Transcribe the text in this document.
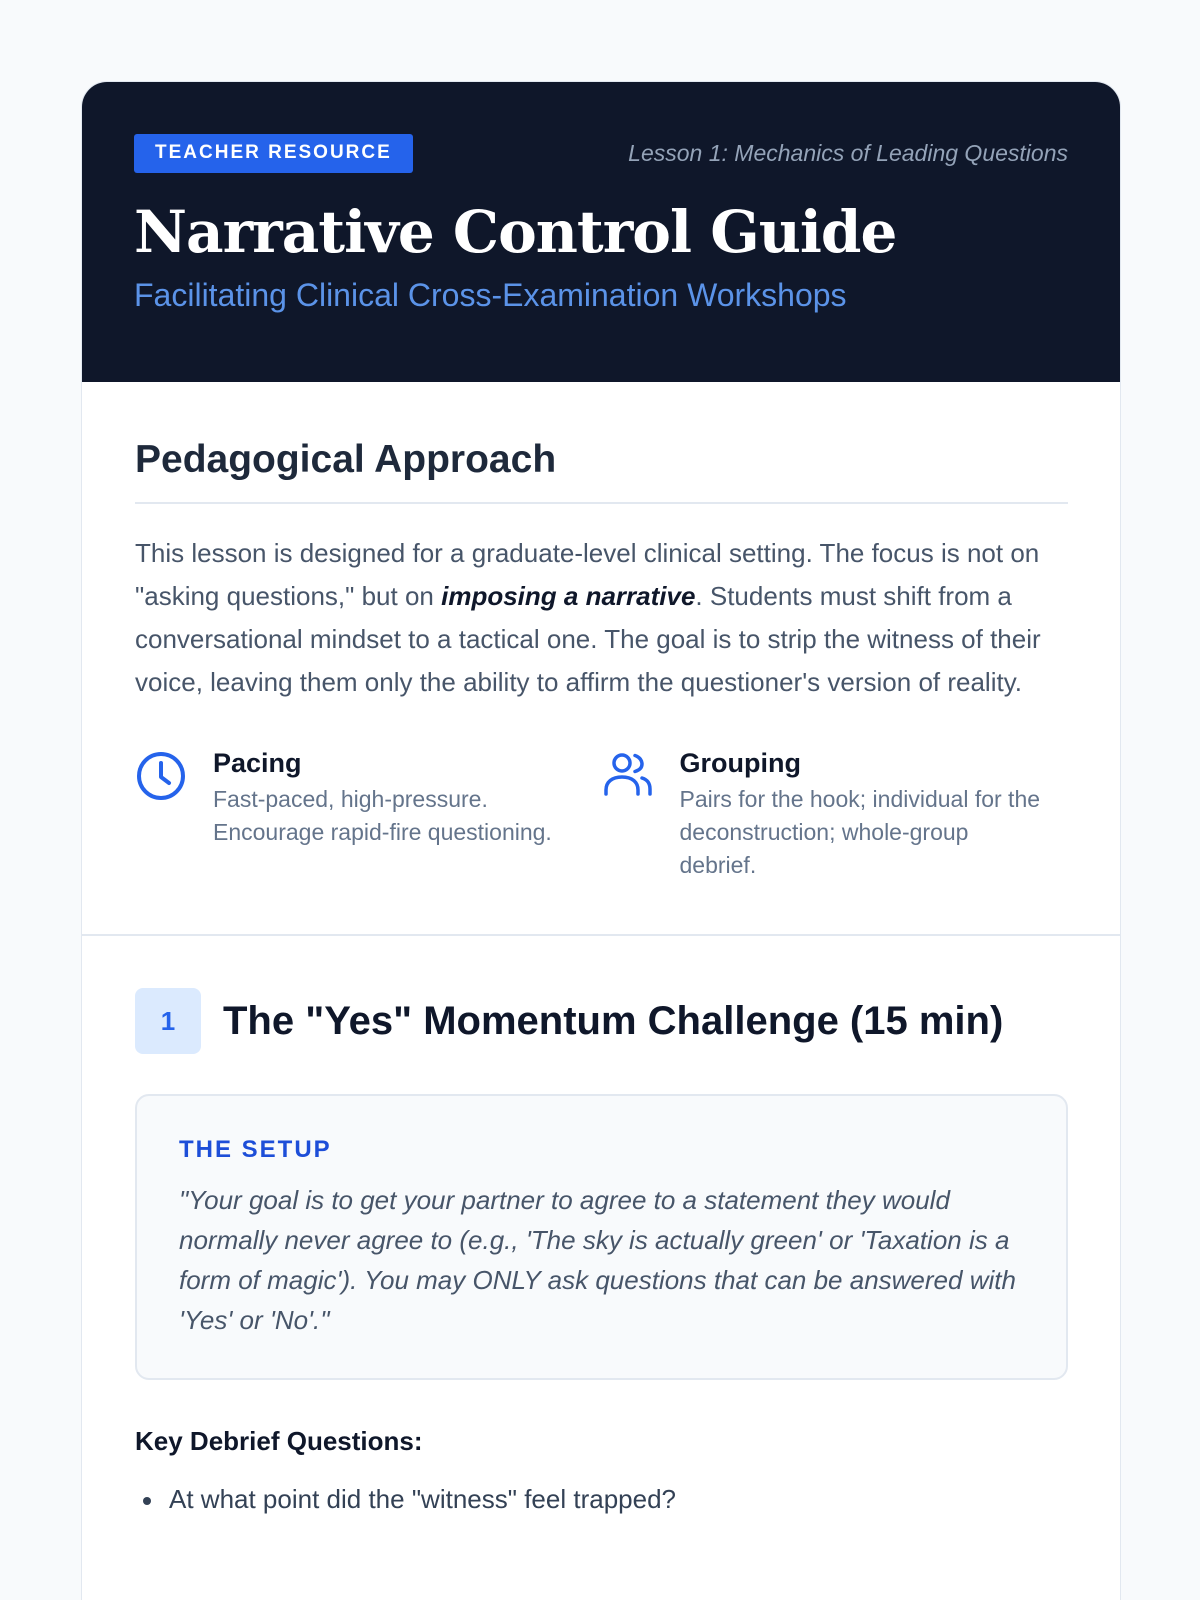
TEACHER RESOURCE	Lesson 1: Mechanics of Leading Questions
Narrative Control Guide
Facilitating Clinical Cross-Examination Workshops
Pedagogical Approach

This lesson is designed for a graduate-level clinical setting. The focus is not on "asking questions," but on imposing a narrative. Students must shift from a conversational mindset to a tactical one. The goal is to strip the witness of their voice, leaving them only the ability to affirm the questioner's version of reality.

Pacing
Fast-paced, high-pressure. Encourage rapid-fire questioning.
Grouping
Pairs for the hook; individual for the deconstruction; whole-group debrief.
1	The "Yes" Momentum Challenge (15 min)
THE SETUP

"Your goal is to get your partner to agree to a statement they would normally never agree to (e.g., 'The sky is actually green' or 'Taxation is a form of magic'). You may ONLY ask questions that can be answered with 'Yes' or 'No'."

Key Debrief Questions:
At what point did the "witness" feel trapped?
